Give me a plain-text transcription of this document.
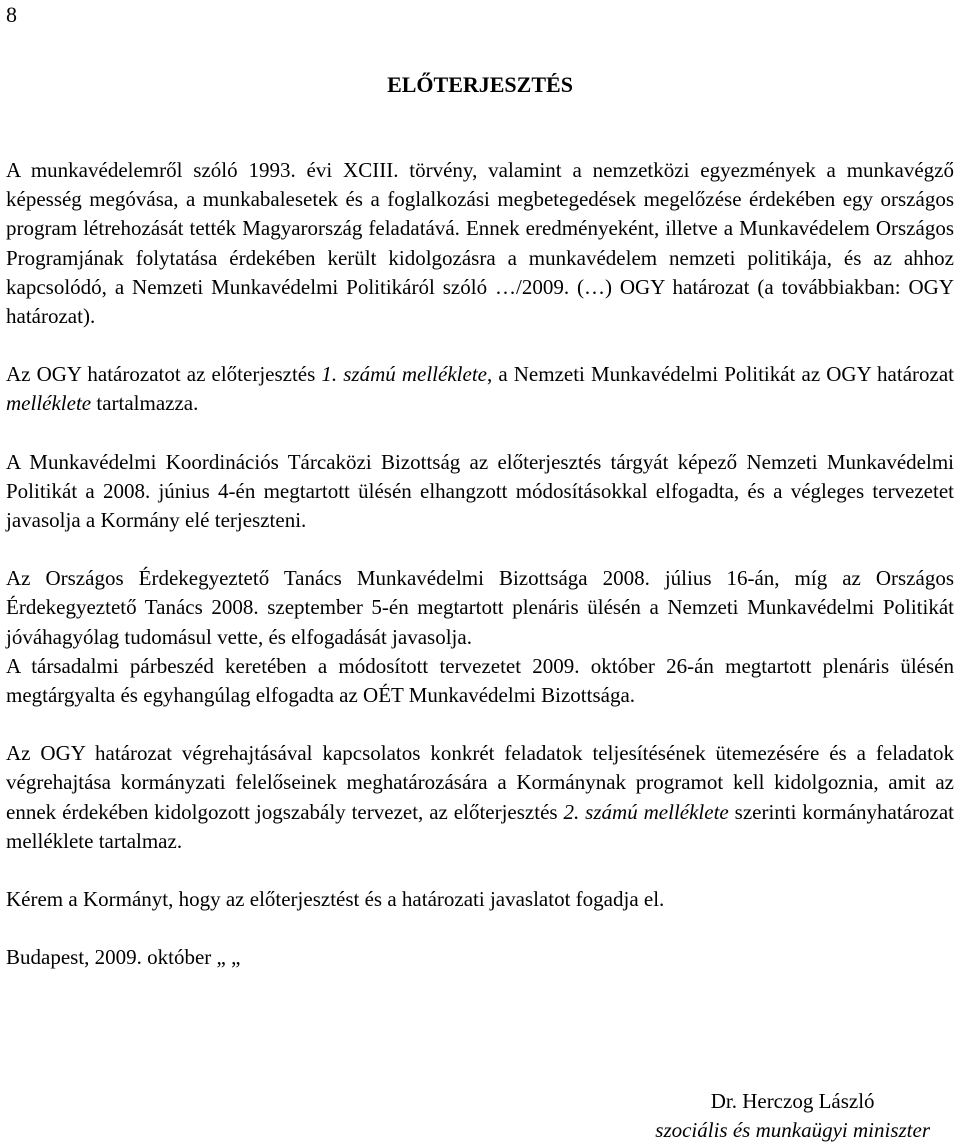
8
ELŐTERJESZTÉS

A munkavédelemről szóló 1993. évi XCIII. törvény, valamint a nemzetközi egyezmények a munkavégző képesség megóvása, a munkabalesetek és a foglalkozási megbetegedések megelőzése érdekében egy országos program létrehozását tették Magyarország feladatává. Ennek eredményeként, illetve a Munkavédelem Országos Programjának folytatása érdekében került kidolgozásra a munkavédelem nemzeti politikája, és az ahhoz kapcsolódó, a Nemzeti Munkavédelmi Politikáról szóló …/2009. (…) OGY határozat (a továbbiakban: OGY határozat).

Az OGY határozatot az előterjesztés 1. számú melléklete, a Nemzeti Munkavédelmi Politikát az OGY határozat melléklete tartalmazza.

A Munkavédelmi Koordinációs Tárcaközi Bizottság az előterjesztés tárgyát képező Nemzeti Munkavédelmi Politikát a 2008. június 4-én megtartott ülésén elhangzott módosításokkal elfogadta, és a végleges tervezetet javasolja a Kormány elé terjeszteni.

Az Országos Érdekegyeztető Tanács Munkavédelmi Bizottsága 2008. július 16-án, míg az Országos Érdekegyeztető Tanács 2008. szeptember 5-én megtartott plenáris ülésén a Nemzeti Munkavédelmi Politikát jóváhagyólag tudomásul vette, és elfogadását javasolja.

A társadalmi párbeszéd keretében a módosított tervezetet 2009. október 26-án megtartott plenáris ülésén megtárgyalta és egyhangúlag elfogadta az OÉT Munkavédelmi Bizottsága.

Az OGY határozat végrehajtásával kapcsolatos konkrét feladatok teljesítésének ütemezésére és a feladatok végrehajtása kormányzati felelőseinek meghatározására a Kormánynak programot kell kidolgoznia, amit az ennek érdekében kidolgozott jogszabály tervezet, az előterjesztés 2. számú melléklete szerinti kormányhatározat melléklete tartalmaz.

Kérem a Kormányt, hogy az előterjesztést és a határozati javaslatot fogadja el.

Budapest, 2009. október „ „

Dr. Herczog László
szociális és munkaügyi miniszter
